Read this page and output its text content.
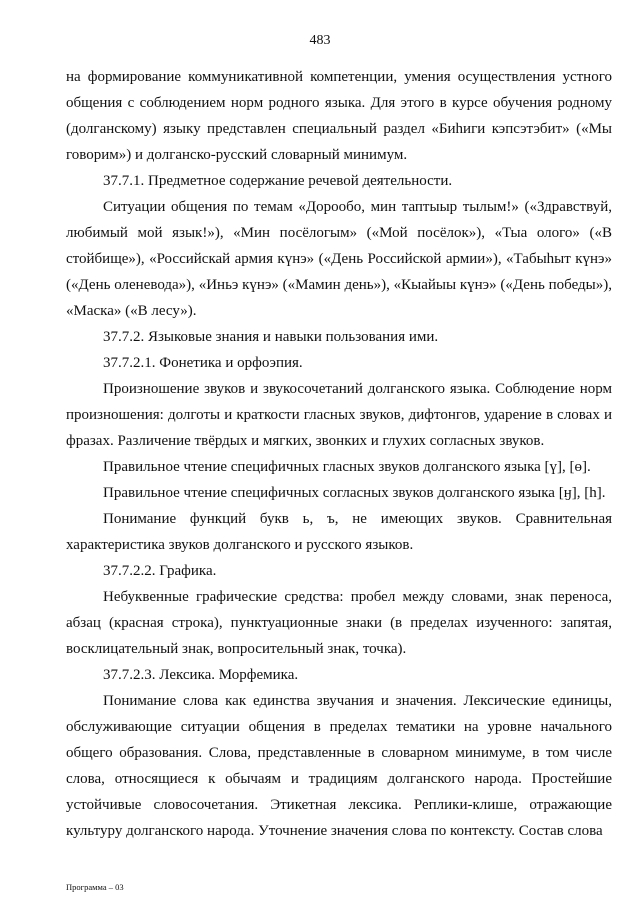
483

на формирование коммуникативной компетенции, умения осуществления устного общения с соблюдением норм родного языка. Для этого в курсе обучения родному (долганскому) языку представлен специальный раздел «Биһиги кэпсэтэбит» («Мы говорим») и долганско-русский словарный минимум.

37.7.1. Предметное содержание речевой деятельности.

Ситуации общения по темам «Дорообо, мин таптыыр тылым!» («Здравствуй, любимый мой язык!»), «Мин посёлогым» («Мой посёлок»), «Тыа олого» («В стойбище»), «Российскай армия күнэ» («День Российской армии»), «Табыһыт күнэ» («День оленевода»), «Иньэ күнэ» («Мамин день»), «Кыайыы күнэ» («День победы»), «Маска» («В лесу»).

37.7.2. Языковые знания и навыки пользования ими.

37.7.2.1. Фонетика и орфоэпия.

Произношение звуков и звукосочетаний долганского языка. Соблюдение норм произношения: долготы и краткости гласных звуков, дифтонгов, ударение в словах и фразах. Различение твёрдых и мягких, звонких и глухих согласных звуков.

Правильное чтение специфичных гласных звуков долганского языка [ү], [ө].

Правильное чтение специфичных согласных звуков долганского языка [ӈ], [h].

Понимание функций букв ь, ъ, не имеющих звуков. Сравнительная характеристика звуков долганского и русского языков.

37.7.2.2. Графика.

Небуквенные графические средства: пробел между словами, знак переноса, абзац (красная строка), пунктуационные знаки (в пределах изученного: запятая, восклицательный знак, вопросительный знак, точка).

37.7.2.3. Лексика. Морфемика.

Понимание слова как единства звучания и значения. Лексические единицы, обслуживающие ситуации общения в пределах тематики на уровне начального общего образования. Слова, представленные в словарном минимуме, в том числе слова, относящиеся к обычаям и традициям долганского народа. Простейшие устойчивые словосочетания. Этикетная лексика. Реплики-клише, отражающие культуру долганского народа. Уточнение значения слова по контексту. Состав слова

Программа – 03
